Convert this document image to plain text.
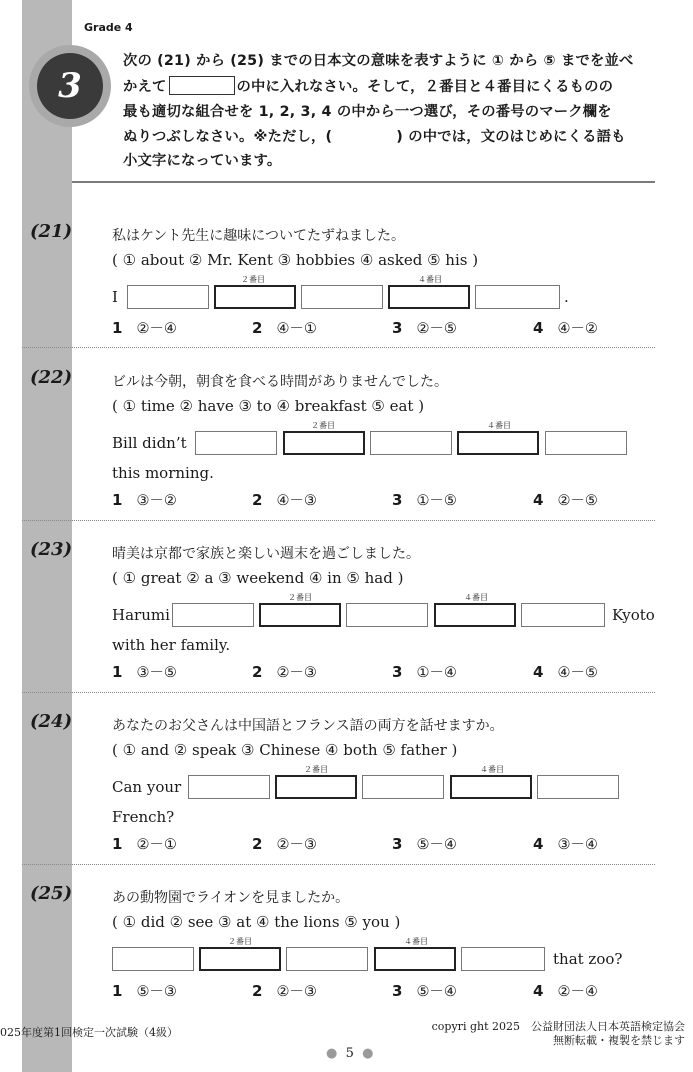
Grade 4
3
次の (21) から (25) までの日本文の意味を表すように ① から ⑤ までを並べ
かえて	の中に入れなさい。そして，２番目と４番目にくるものの
最も適切な組合せを 1, 2, 3, 4 の中から一つ選び，その番号のマーク欄を
ぬりつぶしなさい。※ただし，(	) の中では，文のはじめにくる語も
小文字になっています。
(21)	私はケント先生に趣味についてたずねました。
( ① about ② Mr. Kent ③ hobbies ④ asked ⑤ his )
I
２番目	４番目
.
1 ②－④	2 ④－①	3 ②－⑤	4 ④－②
(22)	ビルは今朝，朝食を食べる時間がありませんでした。
( ① time ② have ③ to ④ breakfast ⑤ eat )
Bill didn’t
２番目	４番目
this morning.
1 ③－②	2 ④－③	3 ①－⑤	4 ②－⑤
(23)	晴美は京都で家族と楽しい週末を過ごしました。
( ① great ② a ③ weekend ④ in ⑤ had )
Harumi
２番目	４番目
Kyoto
with her family.
1 ③－⑤	2 ②－③	3 ①－④	4 ④－⑤
(24)	あなたのお父さんは中国語とフランス語の両方を話せますか。
( ① and ② speak ③ Chinese ④ both ⑤ father )
Can your
２番目	４番目
French?
1 ②－①	2 ②－③	3 ⑤－④	4 ③－④
(25)	あの動物園でライオンを見ましたか。
( ① did ② see ③ at ④ the lions ⑤ you )
２番目	４番目
that zoo?
1 ⑤－③	2 ②－③	3 ⑤－④	4 ②－④
025年度第1回検定一次試験（4級）	copyri ght 2025　公益財団法人日本英語検定協会
無断転載・複製を禁じます
● 5 ●
